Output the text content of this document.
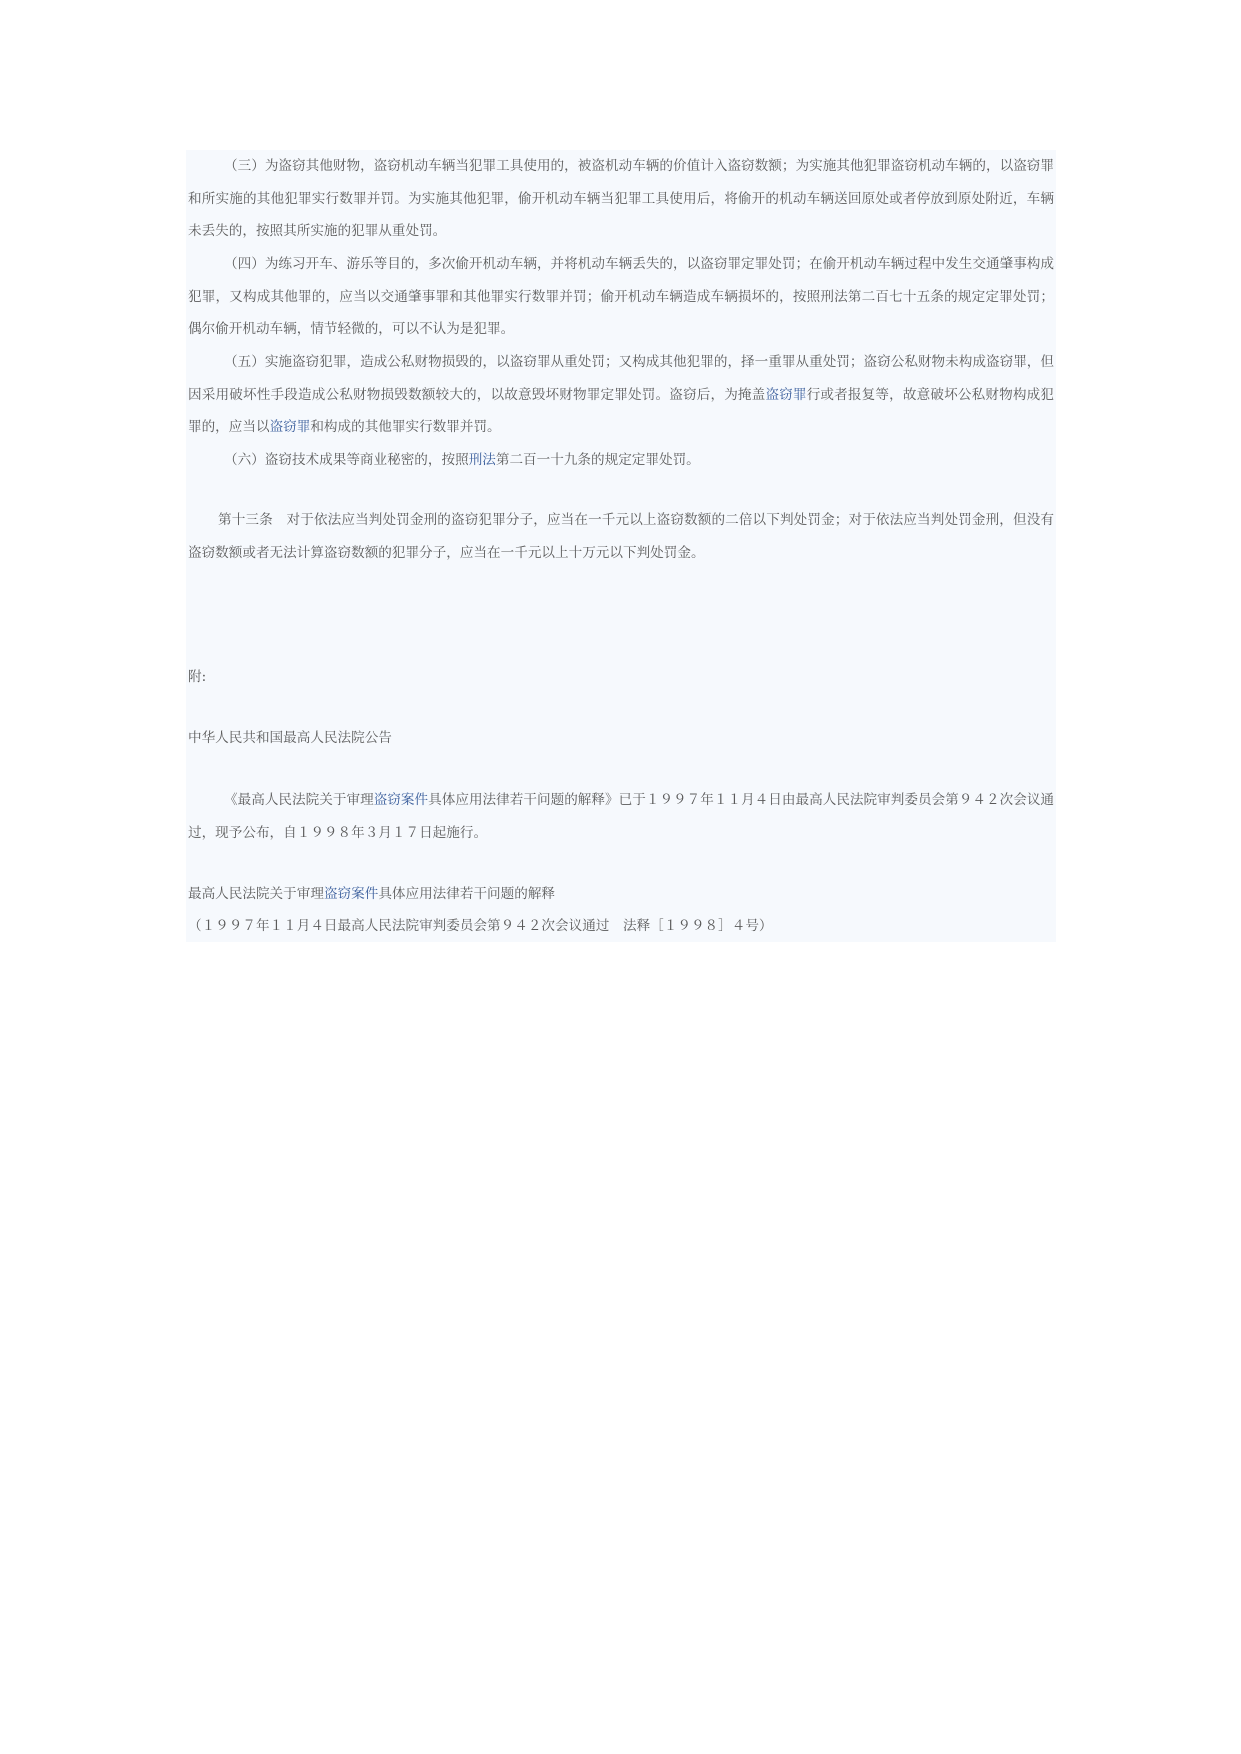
（三）为盗窃其他财物，盗窃机动车辆当犯罪工具使用的，被盗机动车辆的价值计入盗窃数额；为实施其他犯罪盗窃机动车辆的，以盗窃罪和所实施的其他犯罪实行数罪并罚。为实施其他犯罪，偷开机动车辆当犯罪工具使用后，将偷开的机动车辆送回原处或者停放到原处附近，车辆未丢失的，按照其所实施的犯罪从重处罚。

（四）为练习开车、游乐等目的，多次偷开机动车辆，并将机动车辆丢失的，以盗窃罪定罪处罚；在偷开机动车辆过程中发生交通肇事构成犯罪，又构成其他罪的，应当以交通肇事罪和其他罪实行数罪并罚；偷开机动车辆造成车辆损坏的，按照刑法第二百七十五条的规定定罪处罚；偶尔偷开机动车辆，情节轻微的，可以不认为是犯罪。

（五）实施盗窃犯罪，造成公私财物损毁的，以盗窃罪从重处罚；又构成其他犯罪的，择一重罪从重处罚；盗窃公私财物未构成盗窃罪，但因采用破坏性手段造成公私财物损毁数额较大的，以故意毁坏财物罪定罪处罚。盗窃后，为掩盖盗窃罪行或者报复等，故意破坏公私财物构成犯罪的，应当以盗窃罪和构成的其他罪实行数罪并罚。

（六）盗窃技术成果等商业秘密的，按照刑法第二百一十九条的规定定罪处罚。

第十三条　对于依法应当判处罚金刑的盗窃犯罪分子，应当在一千元以上盗窃数额的二倍以下判处罚金；对于依法应当判处罚金刑，但没有盗窃数额或者无法计算盗窃数额的犯罪分子，应当在一千元以上十万元以下判处罚金。

附:

中华人民共和国最高人民法院公告

《最高人民法院关于审理盗窃案件具体应用法律若干问题的解释》已于１９９７年１１月４日由最高人民法院审判委员会第９４２次会议通过，现予公布，自１９９８年３月１７日起施行。

最高人民法院关于审理盗窃案件具体应用法律若干问题的解释

（１９９７年１１月４日最高人民法院审判委员会第９４２次会议通过　法释［１９９８］４号）
